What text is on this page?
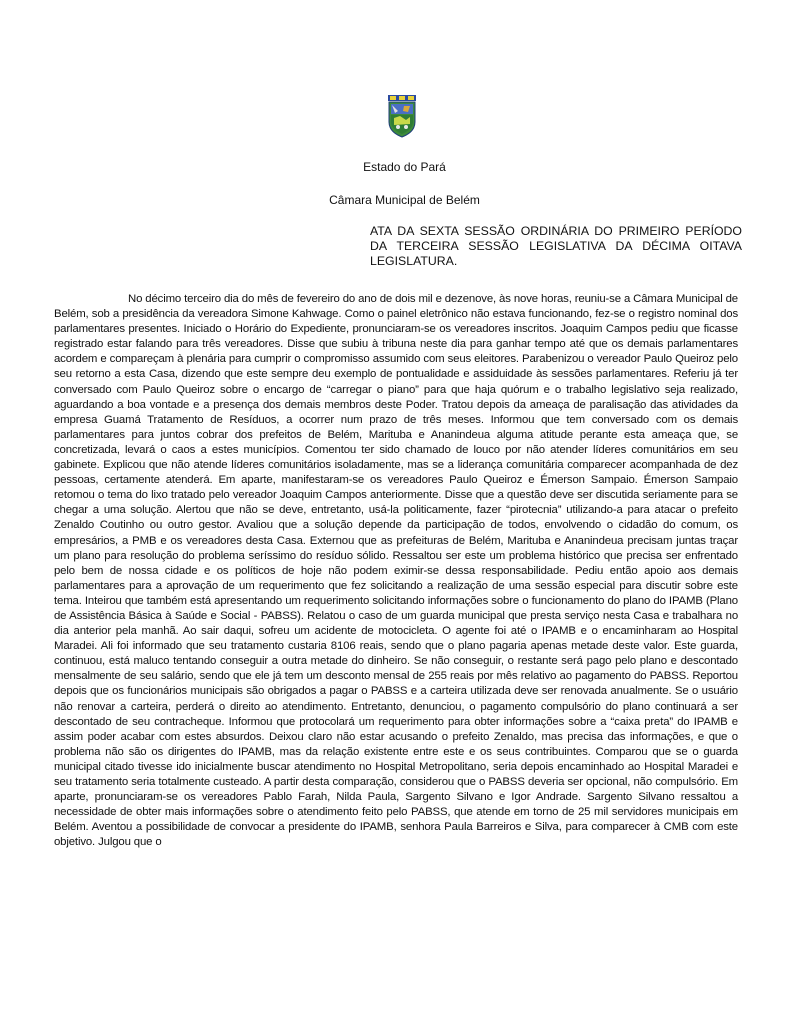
Estado do Pará
Câmara Municipal de Belém
ATA DA SEXTA SESSÃO ORDINÁRIA DO PRIMEIRO PERÍODO DA TERCEIRA SESSÃO LEGISLATIVA DA DÉCIMA OITAVA LEGISLATURA.

No décimo terceiro dia do mês de fevereiro do ano de dois mil e dezenove, às nove horas, reuniu-se a Câmara Municipal de Belém, sob a presidência da vereadora Simone Kahwage. Como o painel eletrônico não estava funcionando, fez-se o registro nominal dos parlamentares presentes. Iniciado o Horário do Expediente, pronunciaram-se os vereadores inscritos. Joaquim Campos pediu que ficasse registrado estar falando para três vereadores. Disse que subiu à tribuna neste dia para ganhar tempo até que os demais parlamentares acordem e compareçam à plenária para cumprir o compromisso assumido com seus eleitores. Parabenizou o vereador Paulo Queiroz pelo seu retorno a esta Casa, dizendo que este sempre deu exemplo de pontualidade e assiduidade às sessões parlamentares. Referiu já ter conversado com Paulo Queiroz sobre o encargo de “carregar o piano” para que haja quórum e o trabalho legislativo seja realizado, aguardando a boa vontade e a presença dos demais membros deste Poder. Tratou depois da ameaça de paralisação das atividades da empresa Guamá Tratamento de Resíduos, a ocorrer num prazo de três meses. Informou que tem conversado com os demais parlamentares para juntos cobrar dos prefeitos de Belém, Marituba e Ananindeua alguma atitude perante esta ameaça que, se concretizada, levará o caos a estes municípios. Comentou ter sido chamado de louco por não atender líderes comunitários em seu gabinete. Explicou que não atende líderes comunitários isoladamente, mas se a liderança comunitária comparecer acompanhada de dez pessoas, certamente atenderá. Em aparte, manifestaram-se os vereadores Paulo Queiroz e Émerson Sampaio. Émerson Sampaio retomou o tema do lixo tratado pelo vereador Joaquim Campos anteriormente. Disse que a questão deve ser discutida seriamente para se chegar a uma solução. Alertou que não se deve, entretanto, usá-la politicamente, fazer “pirotecnia” utilizando-a para atacar o prefeito Zenaldo Coutinho ou outro gestor. Avaliou que a solução depende da participação de todos, envolvendo o cidadão do comum, os empresários, a PMB e os vereadores desta Casa. Externou que as prefeituras de Belém, Marituba e Ananindeua precisam juntas traçar um plano para resolução do problema seríssimo do resíduo sólido. Ressaltou ser este um problema histórico que precisa ser enfrentado pelo bem de nossa cidade e os políticos de hoje não podem eximir-se dessa responsabilidade. Pediu então apoio aos demais parlamentares para a aprovação de um requerimento que fez solicitando a realização de uma sessão especial para discutir sobre este tema. Inteirou que também está apresentando um requerimento solicitando informações sobre o funcionamento do plano do IPAMB (Plano de Assistência Básica à Saúde e Social - PABSS). Relatou o caso de um guarda municipal que presta serviço nesta Casa e trabalhara no dia anterior pela manhã. Ao sair daqui, sofreu um acidente de motocicleta. O agente foi até o IPAMB e o encaminharam ao Hospital Maradei. Ali foi informado que seu tratamento custaria 8106 reais, sendo que o plano pagaria apenas metade deste valor. Este guarda, continuou, está maluco tentando conseguir a outra metade do dinheiro. Se não conseguir, o restante será pago pelo plano e descontado mensalmente de seu salário, sendo que ele já tem um desconto mensal de 255 reais por mês relativo ao pagamento do PABSS. Reportou depois que os funcionários municipais são obrigados a pagar o PABSS e a carteira utilizada deve ser renovada anualmente. Se o usuário não renovar a carteira, perderá o direito ao atendimento. Entretanto, denunciou, o pagamento compulsório do plano continuará a ser descontado de seu contracheque. Informou que protocolará um requerimento para obter informações sobre a “caixa preta” do IPAMB e assim poder acabar com estes absurdos. Deixou claro não estar acusando o prefeito Zenaldo, mas precisa das informações, e que o problema não são os dirigentes do IPAMB, mas da relação existente entre este e os seus contribuintes. Comparou que se o guarda municipal citado tivesse ido inicialmente buscar atendimento no Hospital Metropolitano, seria depois encaminhado ao Hospital Maradei e seu tratamento seria totalmente custeado. A partir desta comparação, considerou que o PABSS deveria ser opcional, não compulsório. Em aparte, pronunciaram-se os vereadores Pablo Farah, Nilda Paula, Sargento Silvano e Igor Andrade. Sargento Silvano ressaltou a necessidade de obter mais informações sobre o atendimento feito pelo PABSS, que atende em torno de 25 mil servidores municipais em Belém. Aventou a possibilidade de convocar a presidente do IPAMB, senhora Paula Barreiros e Silva, para comparecer à CMB com este objetivo. Julgou que o
